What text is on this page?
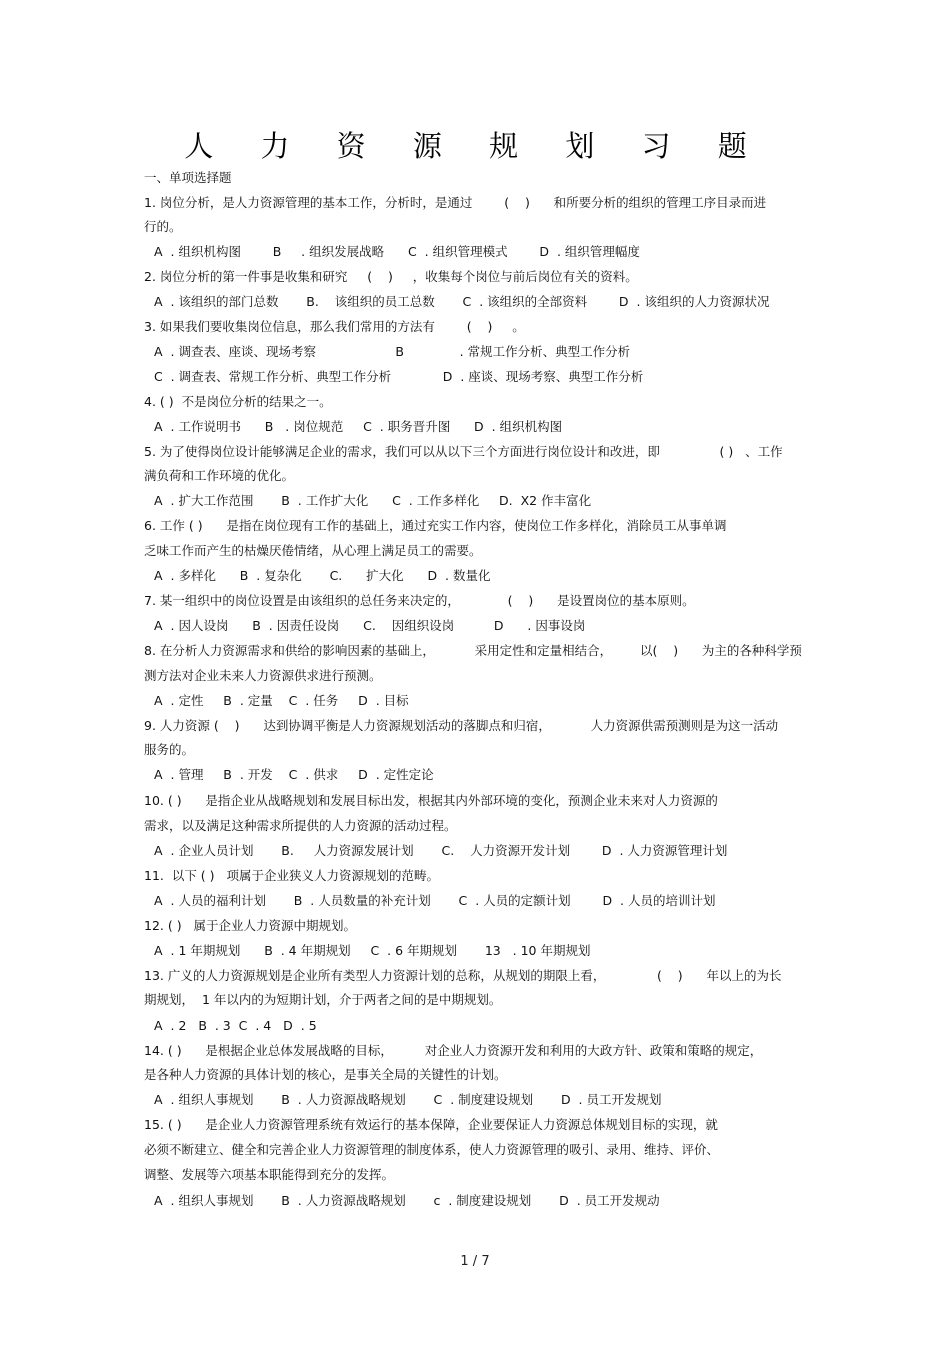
人 力 资 源 规 划 习 题
一、单项选择题
1. 岗位分析，是人力资源管理的基本工作，分析时，是通过        (    )      和所要分析的组织的管理工序目录而进
行的。
A  . 组织机构图        B     . 组织发展战略      C  . 组织管理模式        D  . 组织管理幅度
2. 岗位分析的第一件事是收集和研究     (    )     ，收集每个岗位与前后岗位有关的资料。
A  . 该组织的部门总数       B.    该组织的员工总数       C  . 该组织的全部资料        D  . 该组织的人力资源状况
3. 如果我们要收集岗位信息，那么我们常用的方法有        (    )     。
A  . 调查表、座谈、现场考察                    B              . 常规工作分析、典型工作分析
C  . 调查表、常规工作分析、典型工作分析             D  . 座谈、现场考察、典型工作分析
4. ( )  不是岗位分析的结果之一。
A  . 工作说明书      B   . 岗位规范     C  . 职务晋升图      D  . 组织机构图
5. 为了使得岗位设计能够满足企业的需求，我们可以从以下三个方面进行岗位设计和改进，即               ( )   、工作
满负荷和工作环境的优化。
A  . 扩大工作范围       B  . 工作扩大化      C  . 工作多样化     D.  X2 作丰富化
6. 工作 ( )      是指在岗位现有工作的基础上，通过充实工作内容，使岗位工作多样化，消除员工从事单调
乏味工作而产生的枯燥厌倦情绪，从心理上满足员工的需要。
A  . 多样化      B  . 复杂化       C.      扩大化      D  . 数量化
7. 某一组织中的岗位设置是由该组织的总任务来决定的，            (    )      是设置岗位的基本原则。
A  . 因人设岗      B  . 因责任设岗      C.    因组织设岗          D      . 因事设岗
8. 在分析人力资源需求和供给的影响因素的基础上，          采用定性和定量相结合，       以(    )      为主的各种科学预
测方法对企业未来人力资源供求进行预测。
A  . 定性     B  . 定量    C  . 任务     D  . 目标
9. 人力资源 (    )      达到协调平衡是人力资源规划活动的落脚点和归宿，          人力资源供需预测则是为这一活动
服务的。
A  . 管理     B  . 开发    C  . 供求     D  . 定性定论
10. ( )      是指企业从战略规划和发展目标出发，根据其内外部环境的变化，预测企业未来对人力资源的
需求，以及满足这种需求所提供的人力资源的活动过程。
A  . 企业人员计划       B.     人力资源发展计划       C.    人力资源开发计划        D  . 人力资源管理计划
11.  以下 ( )   项属于企业狭义人力资源规划的范畴。
A  . 人员的福利计划       B  . 人员数量的补充计划       C  . 人员的定额计划        D  . 人员的培训计划
12. ( )   属于企业人力资源中期规划。
A  . 1 年期规划      B  . 4 年期规划     C  . 6 年期规划       13   . 10 年期规划
13. 广义的人力资源规划是企业所有类型人力资源计划的总称，从规划的期限上看，             (    )      年以上的为长
期规划，  1 年以内的为短期计划，介于两者之间的是中期规划。
A  . 2   B  . 3  C  . 4   D  . 5
14. ( )      是根据企业总体发展战略的目标，        对企业人力资源开发和利用的大政方针、政策和策略的规定，
是各种人力资源的具体计划的核心，是事关全局的关键性的计划。
A  . 组织人事规划       B  . 人力资源战略规划       C  . 制度建设规划       D  . 员工开发规划
15. ( )      是企业人力资源管理系统有效运行的基本保障，企业要保证人力资源总体规划目标的实现，就
必须不断建立、健全和完善企业人力资源管理的制度体系，使人力资源管理的吸引、录用、维持、评价、
调整、发展等六项基本职能得到充分的发挥。
A  . 组织人事规划       B  . 人力资源战略规划       c  . 制度建设规划       D  . 员工开发规动
1 / 7
